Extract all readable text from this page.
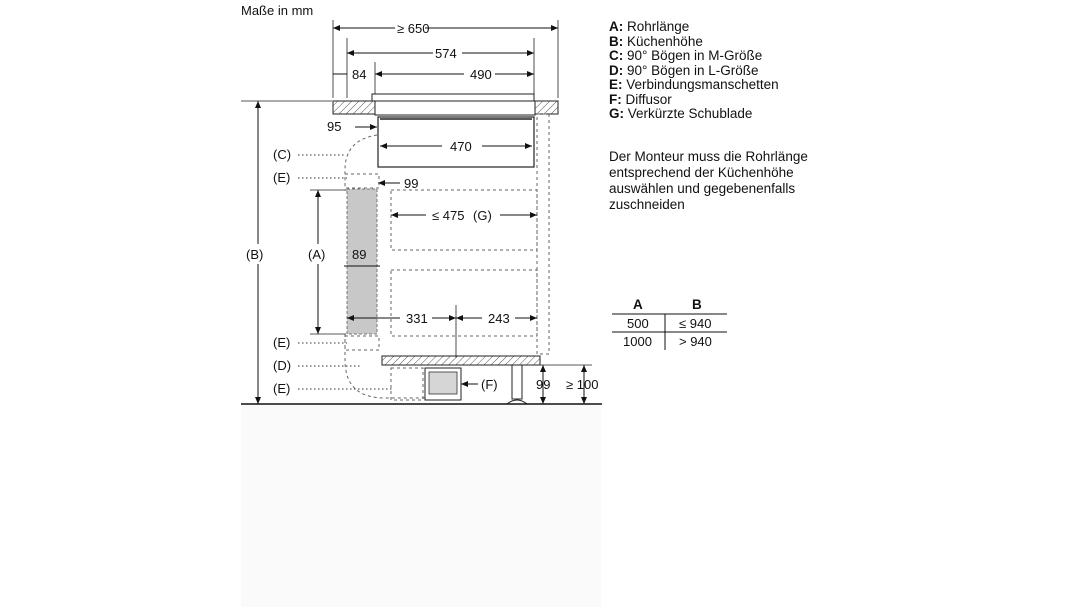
Maße in mm
≥ 650
574
84	490
470
95
99
≤ 475 (G)
89
(A)
331	243
(F)
(B)
99 ≥ 100
(C)
(E)
(E)
(D)
(E)
A	B
500 ≤ 940
1000 > 940
A: Rohrlänge
B: Küchenhöhe
C: 90° Bögen in M-Größe
D: 90° Bögen in L-Größe
E: Verbindungsmanschetten
F: Diffusor
G: Verkürzte Schublade
Der Monteur muss die Rohrlänge entsprechend der Küchenhöhe auswählen und gegebenenfalls zuschneiden
